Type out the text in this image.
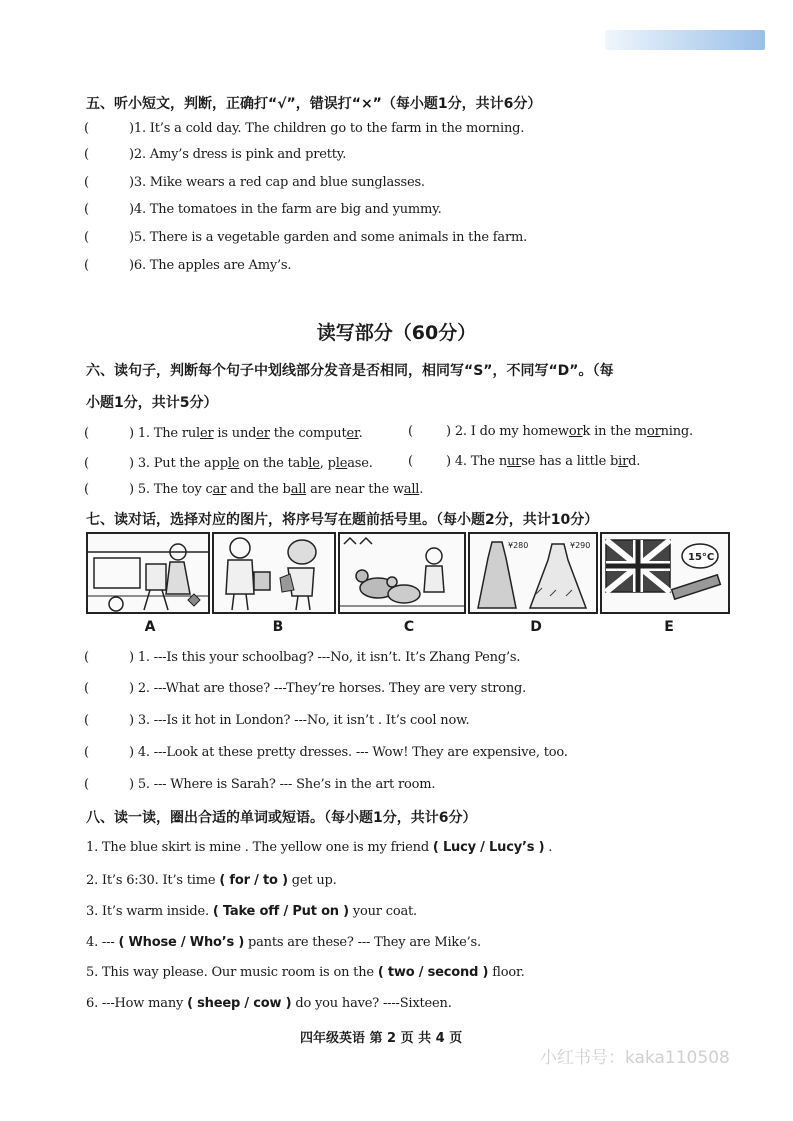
五、听小短文，判断，正确打“√”，错误打“×”（每小题1分，共计6分）
(	)1. It’s a cold day. The children go to the farm in the morning.
(	)2. Amy’s dress is pink and pretty.
(	)3. Mike wears a red cap and blue sunglasses.
(	)4. The tomatoes in the farm are big and yummy.
(	)5. There is a vegetable garden and some animals in the farm.
(	)6. The apples are Amy’s.
读写部分（60分）
六、读句子，判断每个句子中划线部分发音是否相同，相同写“S”，不同写“D”。（每
小题1分，共计5分）
(	) 1. The ruler is under the computer.	(	) 2. I do my homework in the morning.
(	) 3. Put the apple on the table, please.	(	) 4. The nurse has a little bird.
(	) 5. The toy car and the ball are near the wall.
七、读对话，选择对应的图片，将序号写在题前括号里。（每小题2分，共计10分）
¥280	¥290
15°C
A	B	C	D	E
(	) 1. ---Is this your schoolbag? ---No, it isn’t. It’s Zhang Peng’s.
(	) 2. ---What are those? ---They’re horses. They are very strong.
(	) 3. ---Is it hot in London? ---No, it isn’t . It’s cool now.
(	) 4. ---Look at these pretty dresses. --- Wow! They are expensive, too.
(	) 5. --- Where is Sarah? --- She’s in the art room.
八、读一读，圈出合适的单词或短语。（每小题1分，共计6分）
1. The blue skirt is mine . The yellow one is my friend ( Lucy / Lucy’s ) .
2. It’s 6:30. It’s time ( for / to ) get up.
3. It’s warm inside. ( Take off / Put on ) your coat.
4. --- ( Whose / Who’s ) pants are these? --- They are Mike’s.
5. This way please. Our music room is on the ( two / second ) floor.
6. ---How many ( sheep / cow ) do you have? ----Sixteen.
四年级英语 第 2 页 共 4 页
小红书号：kaka110508
